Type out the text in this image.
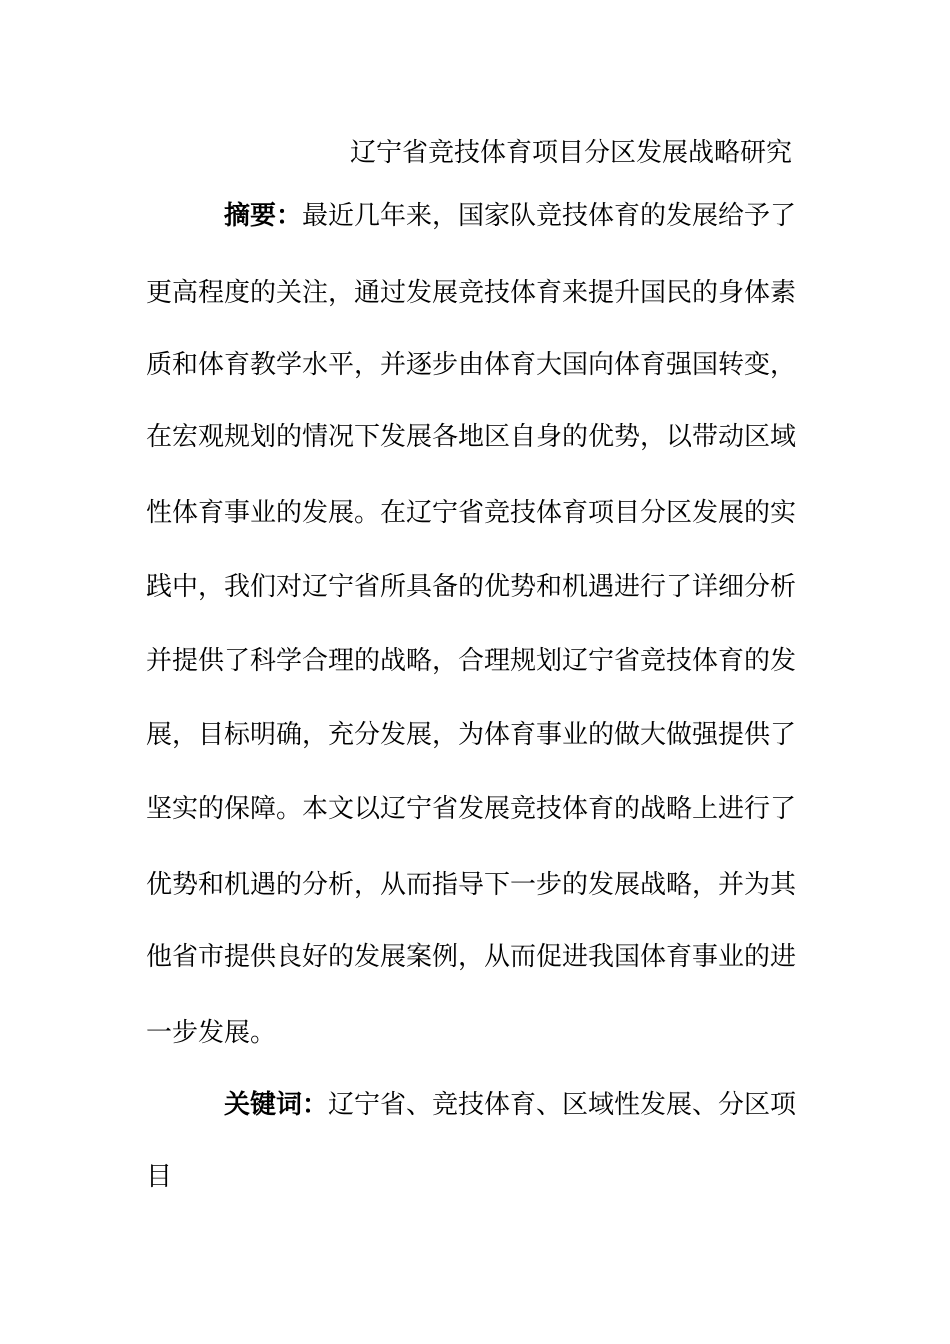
辽宁省竞技体育项目分区发展战略研究
摘要：最近几年来，国家队竞技体育的发展给予了
更高程度的关注，通过发展竞技体育来提升国民的身体素
质和体育教学水平，并逐步由体育大国向体育强国转变，
在宏观规划的情况下发展各地区自身的优势，以带动区域
性体育事业的发展。在辽宁省竞技体育项目分区发展的实
践中，我们对辽宁省所具备的优势和机遇进行了详细分析
并提供了科学合理的战略，合理规划辽宁省竞技体育的发
展，目标明确，充分发展，为体育事业的做大做强提供了
坚实的保障。本文以辽宁省发展竞技体育的战略上进行了
优势和机遇的分析，从而指导下一步的发展战略，并为其
他省市提供良好的发展案例，从而促进我国体育事业的进
一步发展。
关键词：辽宁省、竞技体育、区域性发展、分区项
目
